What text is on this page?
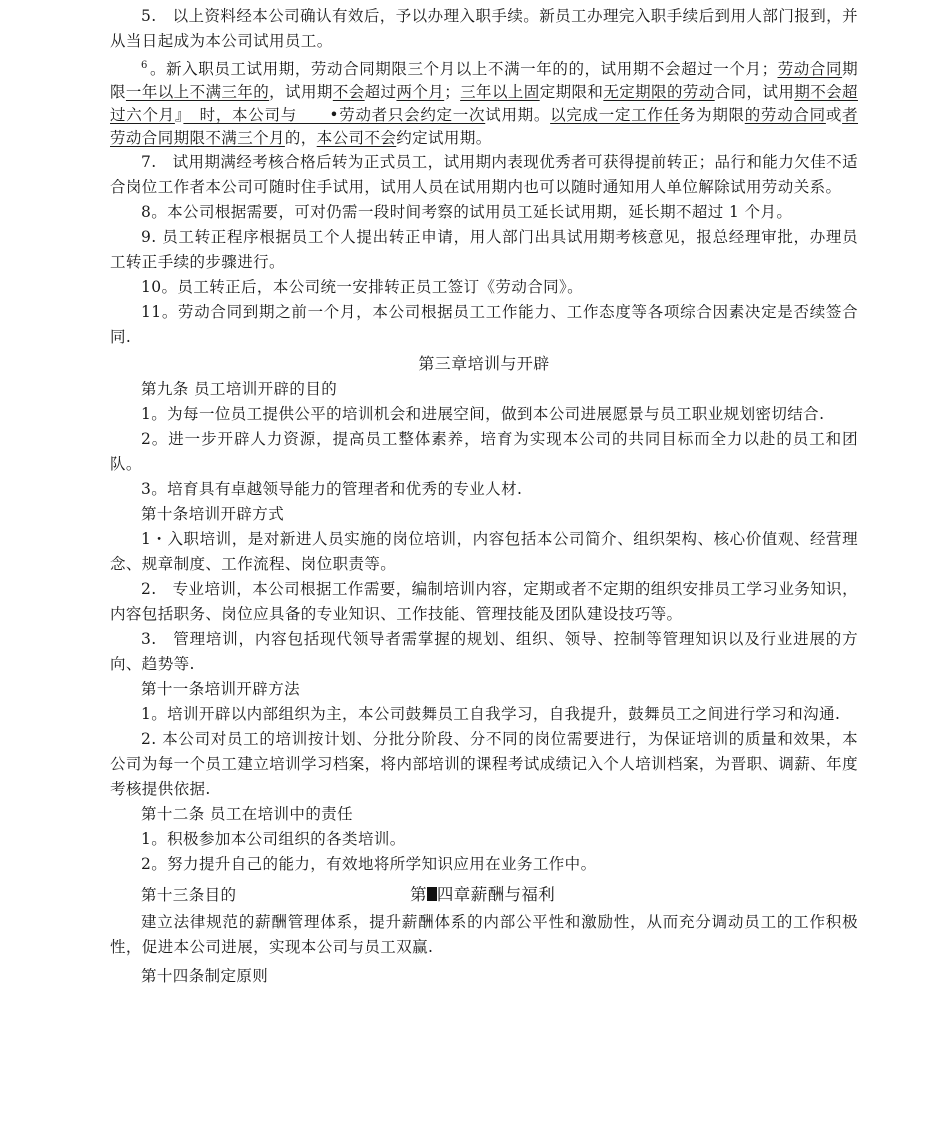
5.　以上资料经本公司确认有效后，予以办理入职手续。新员工办理完入职手续后到用人部门报到，并从当日起成为本公司试用员工。

$^6$ 。新入职员工试用期，劳动合同期限三个月以上不满一年的的，试用期不会超过一个月；劳动合同期限一年以上不满三年的，试用期不会超过两个月；三年以上固定期限和无定期限的劳动合同，试用期不会超过六个月』　时，本公司与　　•劳动者只会约定一次试用期。以完成一定工作任务为期限的劳动合同或者劳动合同期限不满三个月的，本公司不会约定试用期。

7.　试用期满经考核合格后转为正式员工，试用期内表现优秀者可获得提前转正；品行和能力欠佳不适合岗位工作者本公司可随时住手试用，试用人员在试用期内也可以随时通知用人单位解除试用劳动关系。

8。本公司根据需要，可对仍需一段时间考察的试用员工延长试用期，延长期不超过 1 个月。

9. 员工转正程序根据员工个人提出转正申请，用人部门出具试用期考核意见，报总经理审批，办理员工转正手续的步骤进行。

10。员工转正后，本公司统一安排转正员工签订《劳动合同》。

11。劳动合同到期之前一个月，本公司根据员工工作能力、工作态度等各项综合因素决定是否续签合同.

第三章培训与开辟

第九条 员工培训开辟的目的

1。为每一位员工提供公平的培训机会和进展空间，做到本公司进展愿景与员工职业规划密切结合.

2。进一步开辟人力资源，提高员工整体素养，培育为实现本公司的共同目标而全力以赴的员工和团队。

3。培育具有卓越领导能力的管理者和优秀的专业人材.

第十条培训开辟方式

1・入职培训，是对新进人员实施的岗位培训，内容包括本公司简介、组织架构、核心价值观、经营理念、规章制度、工作流程、岗位职责等。

2.　专业培训，本公司根据工作需要，编制培训内容，定期或者不定期的组织安排员工学习业务知识，内容包括职务、岗位应具备的专业知识、工作技能、管理技能及团队建设技巧等。

3.　管理培训，内容包括现代领导者需掌握的规划、组织、领导、控制等管理知识以及行业进展的方向、趋势等.

第十一条培训开辟方法

1。培训开辟以内部组织为主，本公司鼓舞员工自我学习，自我提升，鼓舞员工之间进行学习和沟通.

2. 本公司对员工的培训按计划、分批分阶段、分不同的岗位需要进行，为保证培训的质量和效果，本公司为每一个员工建立培训学习档案，将内部培训的课程考试成绩记入个人培训档案，为晋职、调薪、年度考核提供依据.

第十二条 员工在培训中的责任

1。积极参加本公司组织的各类培训。

2。努力提升自己的能力，有效地将所学知识应用在业务工作中。

第十三条目的	第 四章薪酬与福利

建立法律规范的薪酬管理体系，提升薪酬体系的内部公平性和激励性，从而充分调动员工的工作积极性，促进本公司进展，实现本公司与员工双赢.

第十四条制定原则
